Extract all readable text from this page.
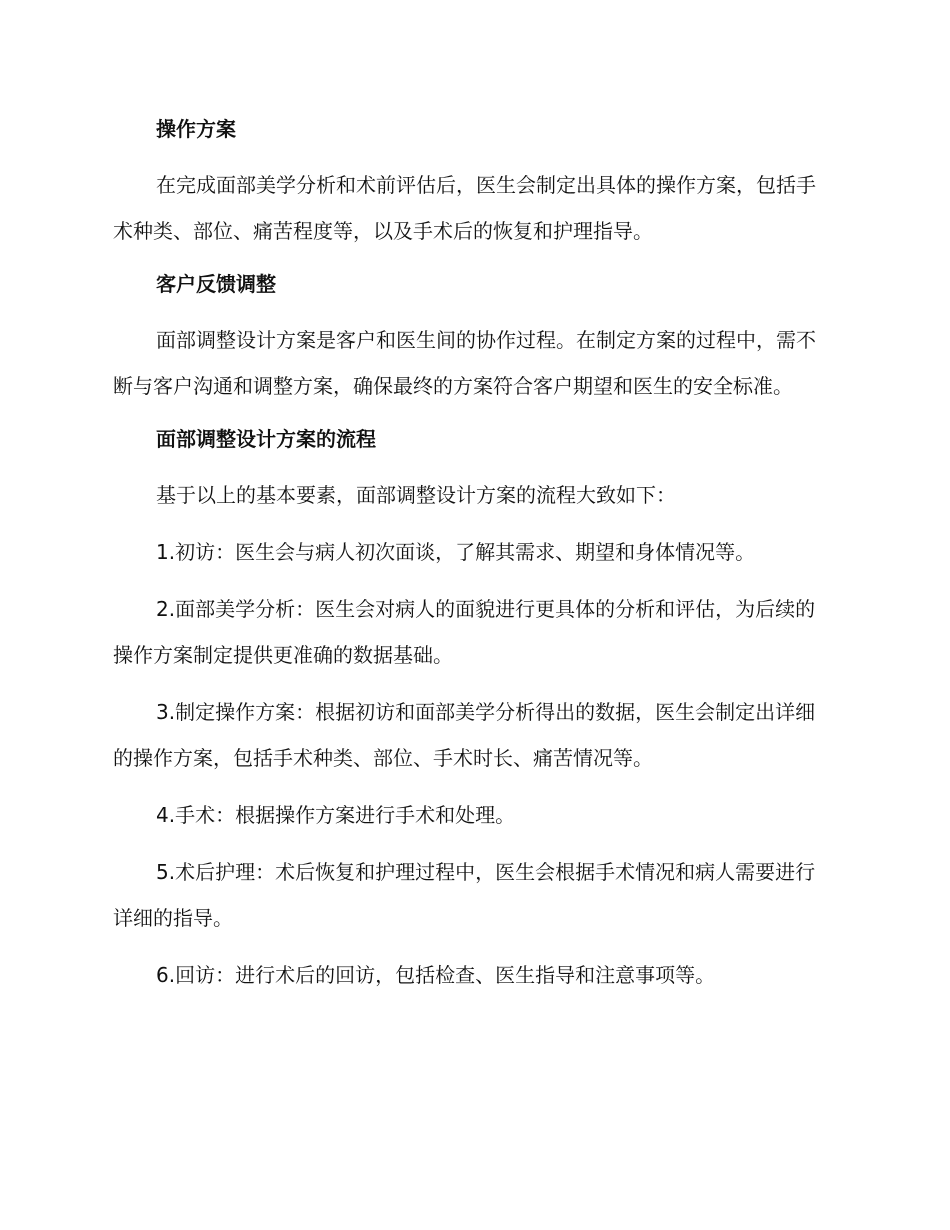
操作方案

在完成面部美学分析和术前评估后，医生会制定出具体的操作方案，包括手术种类、部位、痛苦程度等，以及手术后的恢复和护理指导。

客户反馈调整

面部调整设计方案是客户和医生间的协作过程。在制定方案的过程中，需不断与客户沟通和调整方案，确保最终的方案符合客户期望和医生的安全标准。

面部调整设计方案的流程

基于以上的基本要素，面部调整设计方案的流程大致如下：

1.初访：医生会与病人初次面谈，了解其需求、期望和身体情况等。

2.面部美学分析：医生会对病人的面貌进行更具体的分析和评估，为后续的操作方案制定提供更准确的数据基础。

3.制定操作方案：根据初访和面部美学分析得出的数据，医生会制定出详细的操作方案，包括手术种类、部位、手术时长、痛苦情况等。

4.手术：根据操作方案进行手术和处理。

5.术后护理：术后恢复和护理过程中，医生会根据手术情况和病人需要进行详细的指导。

6.回访：进行术后的回访，包括检查、医生指导和注意事项等。
